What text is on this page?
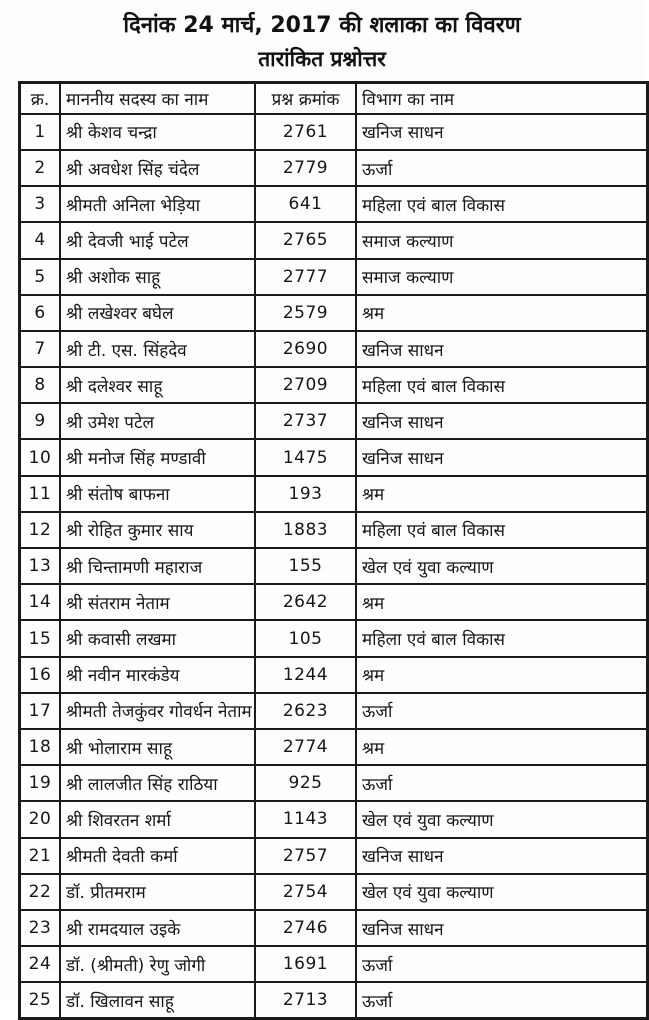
दिनांक 24 मार्च, 2017 की शलाका का विवरण
तारांकित प्रश्नोत्तर
क्र.	माननीय सदस्य का नाम	प्रश्न क्रमांक	विभाग का नाम
1	श्री केशव चन्द्रा	2761	खनिज साधन
2	श्री अवधेश सिंह चंदेल	2779	ऊर्जा
3	श्रीमती अनिला भेड़िया	641	महिला एवं बाल विकास
4	श्री देवजी भाई पटेल	2765	समाज कल्याण
5	श्री अशोक साहू	2777	समाज कल्याण
6	श्री लखेश्वर बघेल	2579	श्रम
7	श्री टी. एस. सिंहदेव	2690	खनिज साधन
8	श्री दलेश्वर साहू	2709	महिला एवं बाल विकास
9	श्री उमेश पटेल	2737	खनिज साधन
10	श्री मनोज सिंह मण्डावी	1475	खनिज साधन
11	श्री संतोष बाफना	193	श्रम
12	श्री रोहित कुमार साय	1883	महिला एवं बाल विकास
13	श्री चिन्तामणी महाराज	155	खेल एवं युवा कल्याण
14	श्री संतराम नेताम	2642	श्रम
15	श्री कवासी लखमा	105	महिला एवं बाल विकास
16	श्री नवीन मारकंडेय	1244	श्रम
17	श्रीमती तेजकुंवर गोवर्धन नेताम	2623	ऊर्जा
18	श्री भोलाराम साहू	2774	श्रम
19	श्री लालजीत सिंह राठिया	925	ऊर्जा
20	श्री शिवरतन शर्मा	1143	खेल एवं युवा कल्याण
21	श्रीमती देवती कर्मा	2757	खनिज साधन
22	डॉ. प्रीतमराम	2754	खेल एवं युवा कल्याण
23	श्री रामदयाल उइके	2746	खनिज साधन
24	डॉ. (श्रीमती) रेणु जोगी	1691	ऊर्जा
25	डॉ. खिलावन साहू	2713	ऊर्जा
